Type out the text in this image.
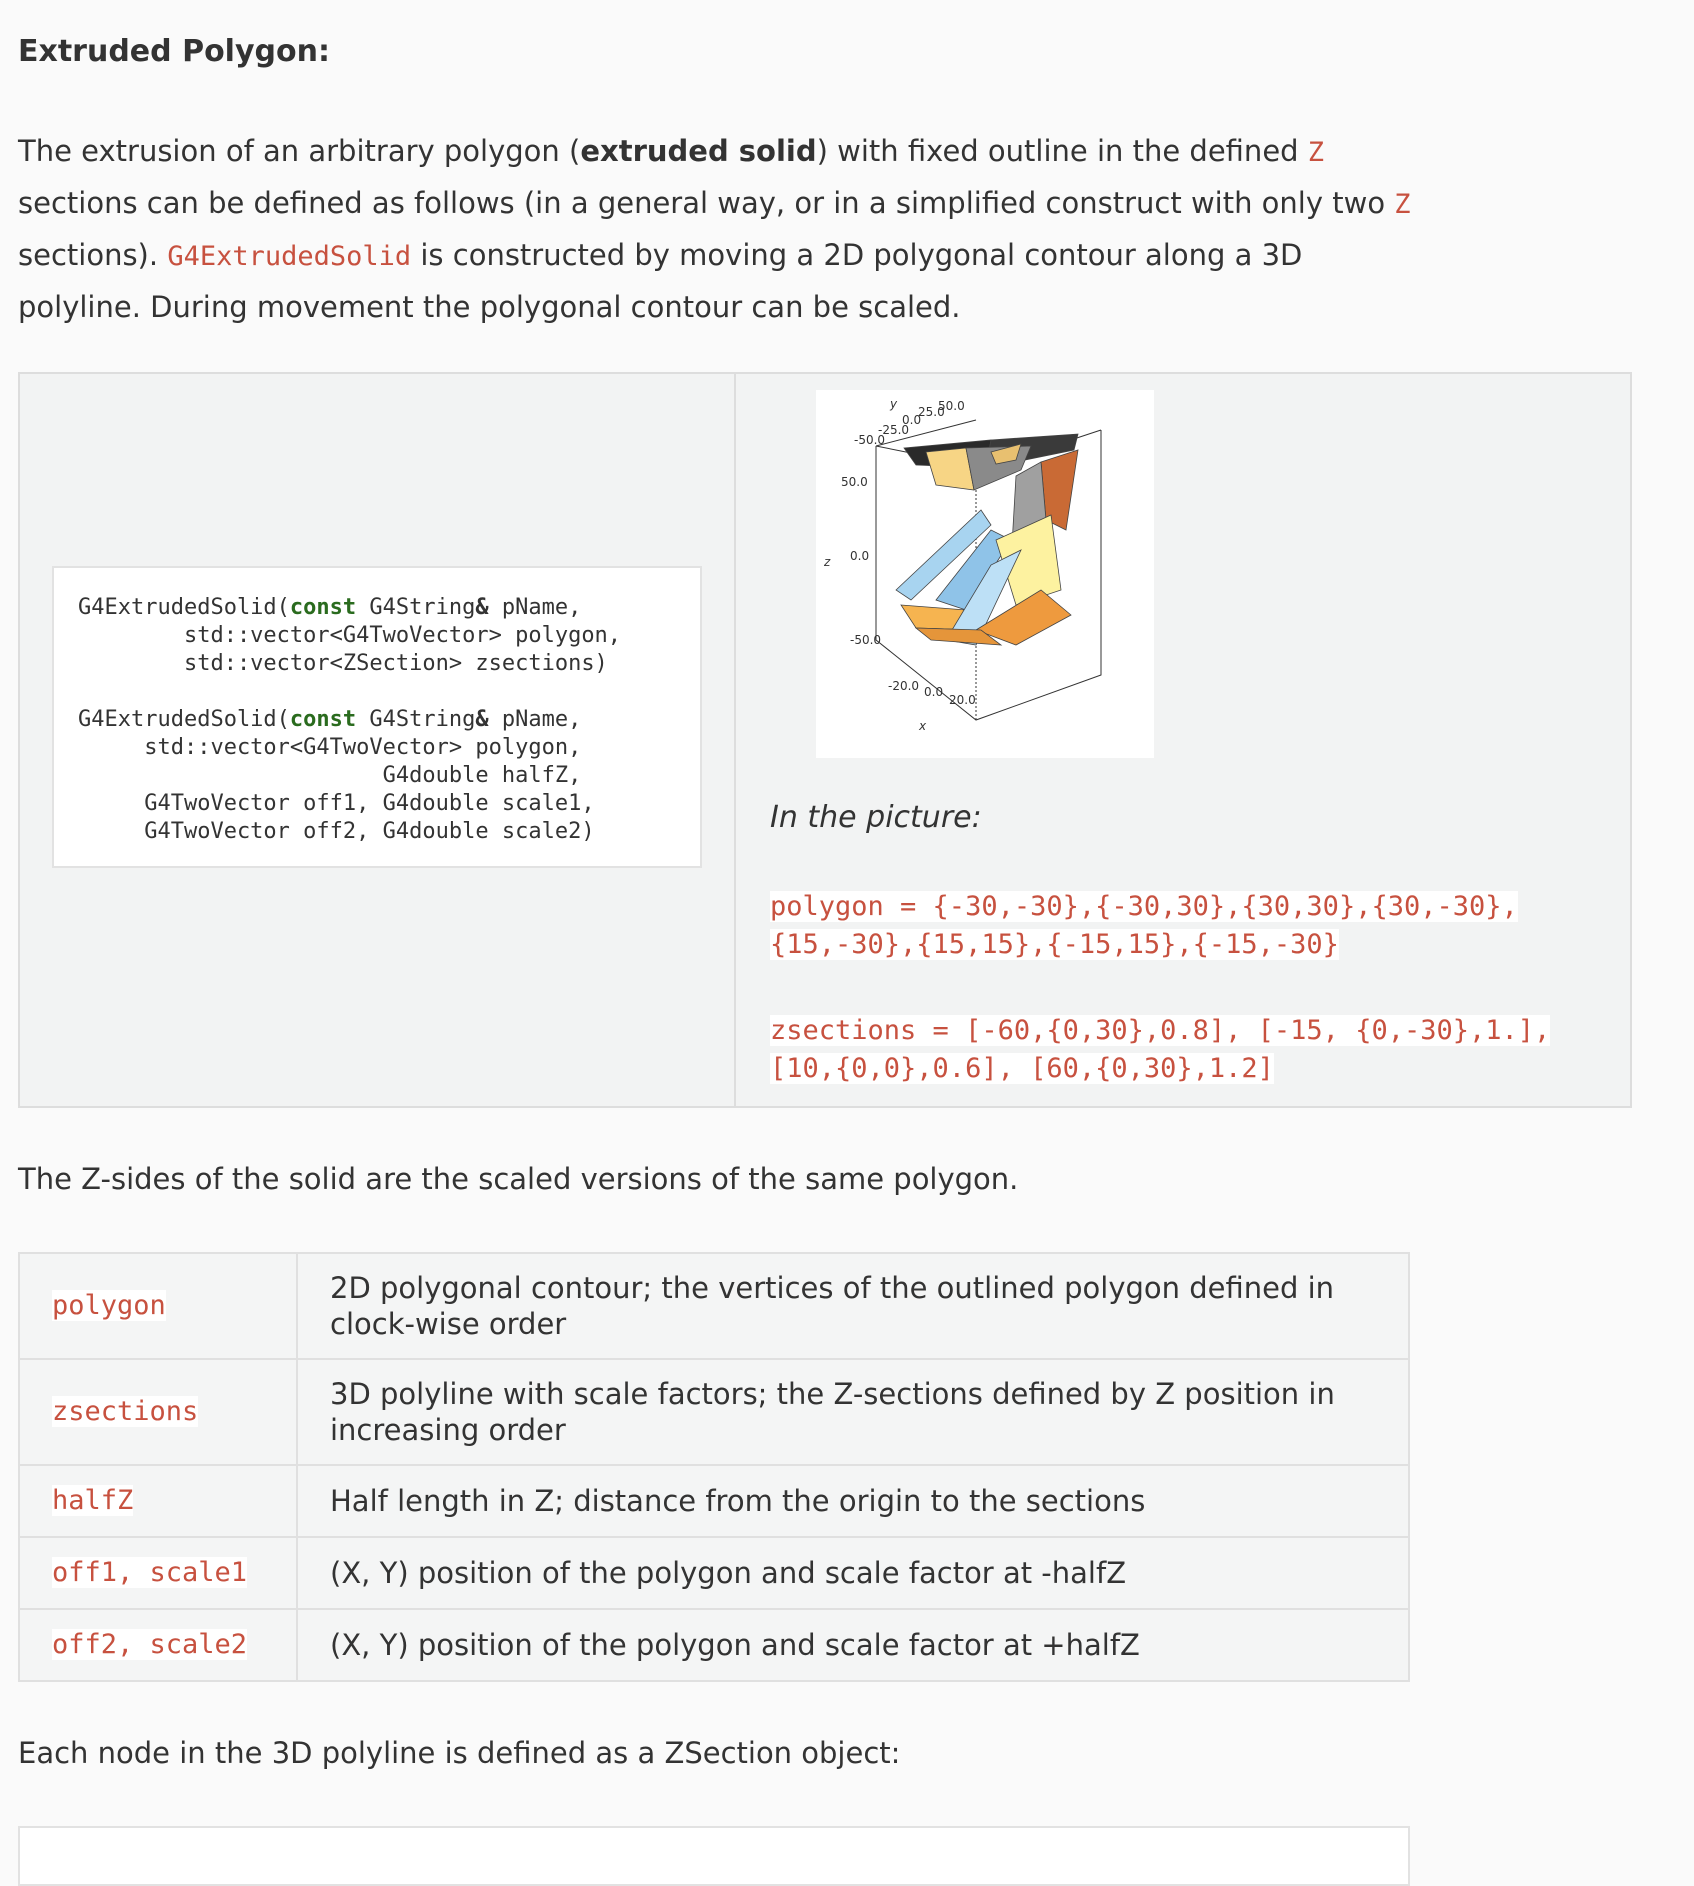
Extruded Polygon:

The extrusion of an arbitrary polygon (extruded solid) with fixed outline in the defined Z sections can be defined as follows (in a general way, or in a simplified construct with only two Z sections). G4ExtrudedSolid is constructed by moving a 2D polygonal contour along a 3D polyline. During movement the polygonal contour can be scaled.

G4ExtrudedSolid(const G4String& pName,
std::vector<G4TwoVector> polygon,
std::vector<ZSection> zsections)

G4ExtrudedSolid(const G4String& pName,
std::vector<G4TwoVector> polygon,
G4double halfZ,
G4TwoVector off1, G4double scale1,
G4TwoVector off2, G4double scale2)
y
-50.0
-25.0
0.0
25.0
50.0
z
50.0
0.0
-50.0
-20.0 0.0
20.0
x

In the picture:

polygon = {-30,-30},{-30,30},{30,30},{30,-30},
{15,-30},{15,15},{-15,15},{-15,-30}

zsections = [-60,{0,30},0.8], [-15, {0,-30},1.],
[10,{0,0},0.6], [60,{0,30},1.2]

The Z-sides of the solid are the scaled versions of the same polygon.

polygon	2D polygonal contour; the vertices of the outlined polygon defined in clock-wise order
zsections	3D polyline with scale factors; the Z-sections defined by Z position in increasing order
halfZ	Half length in Z; distance from the origin to the sections
off1, scale1	(X, Y) position of the polygon and scale factor at -halfZ
off2, scale2	(X, Y) position of the polygon and scale factor at +halfZ

Each node in the 3D polyline is defined as a ZSection object:
